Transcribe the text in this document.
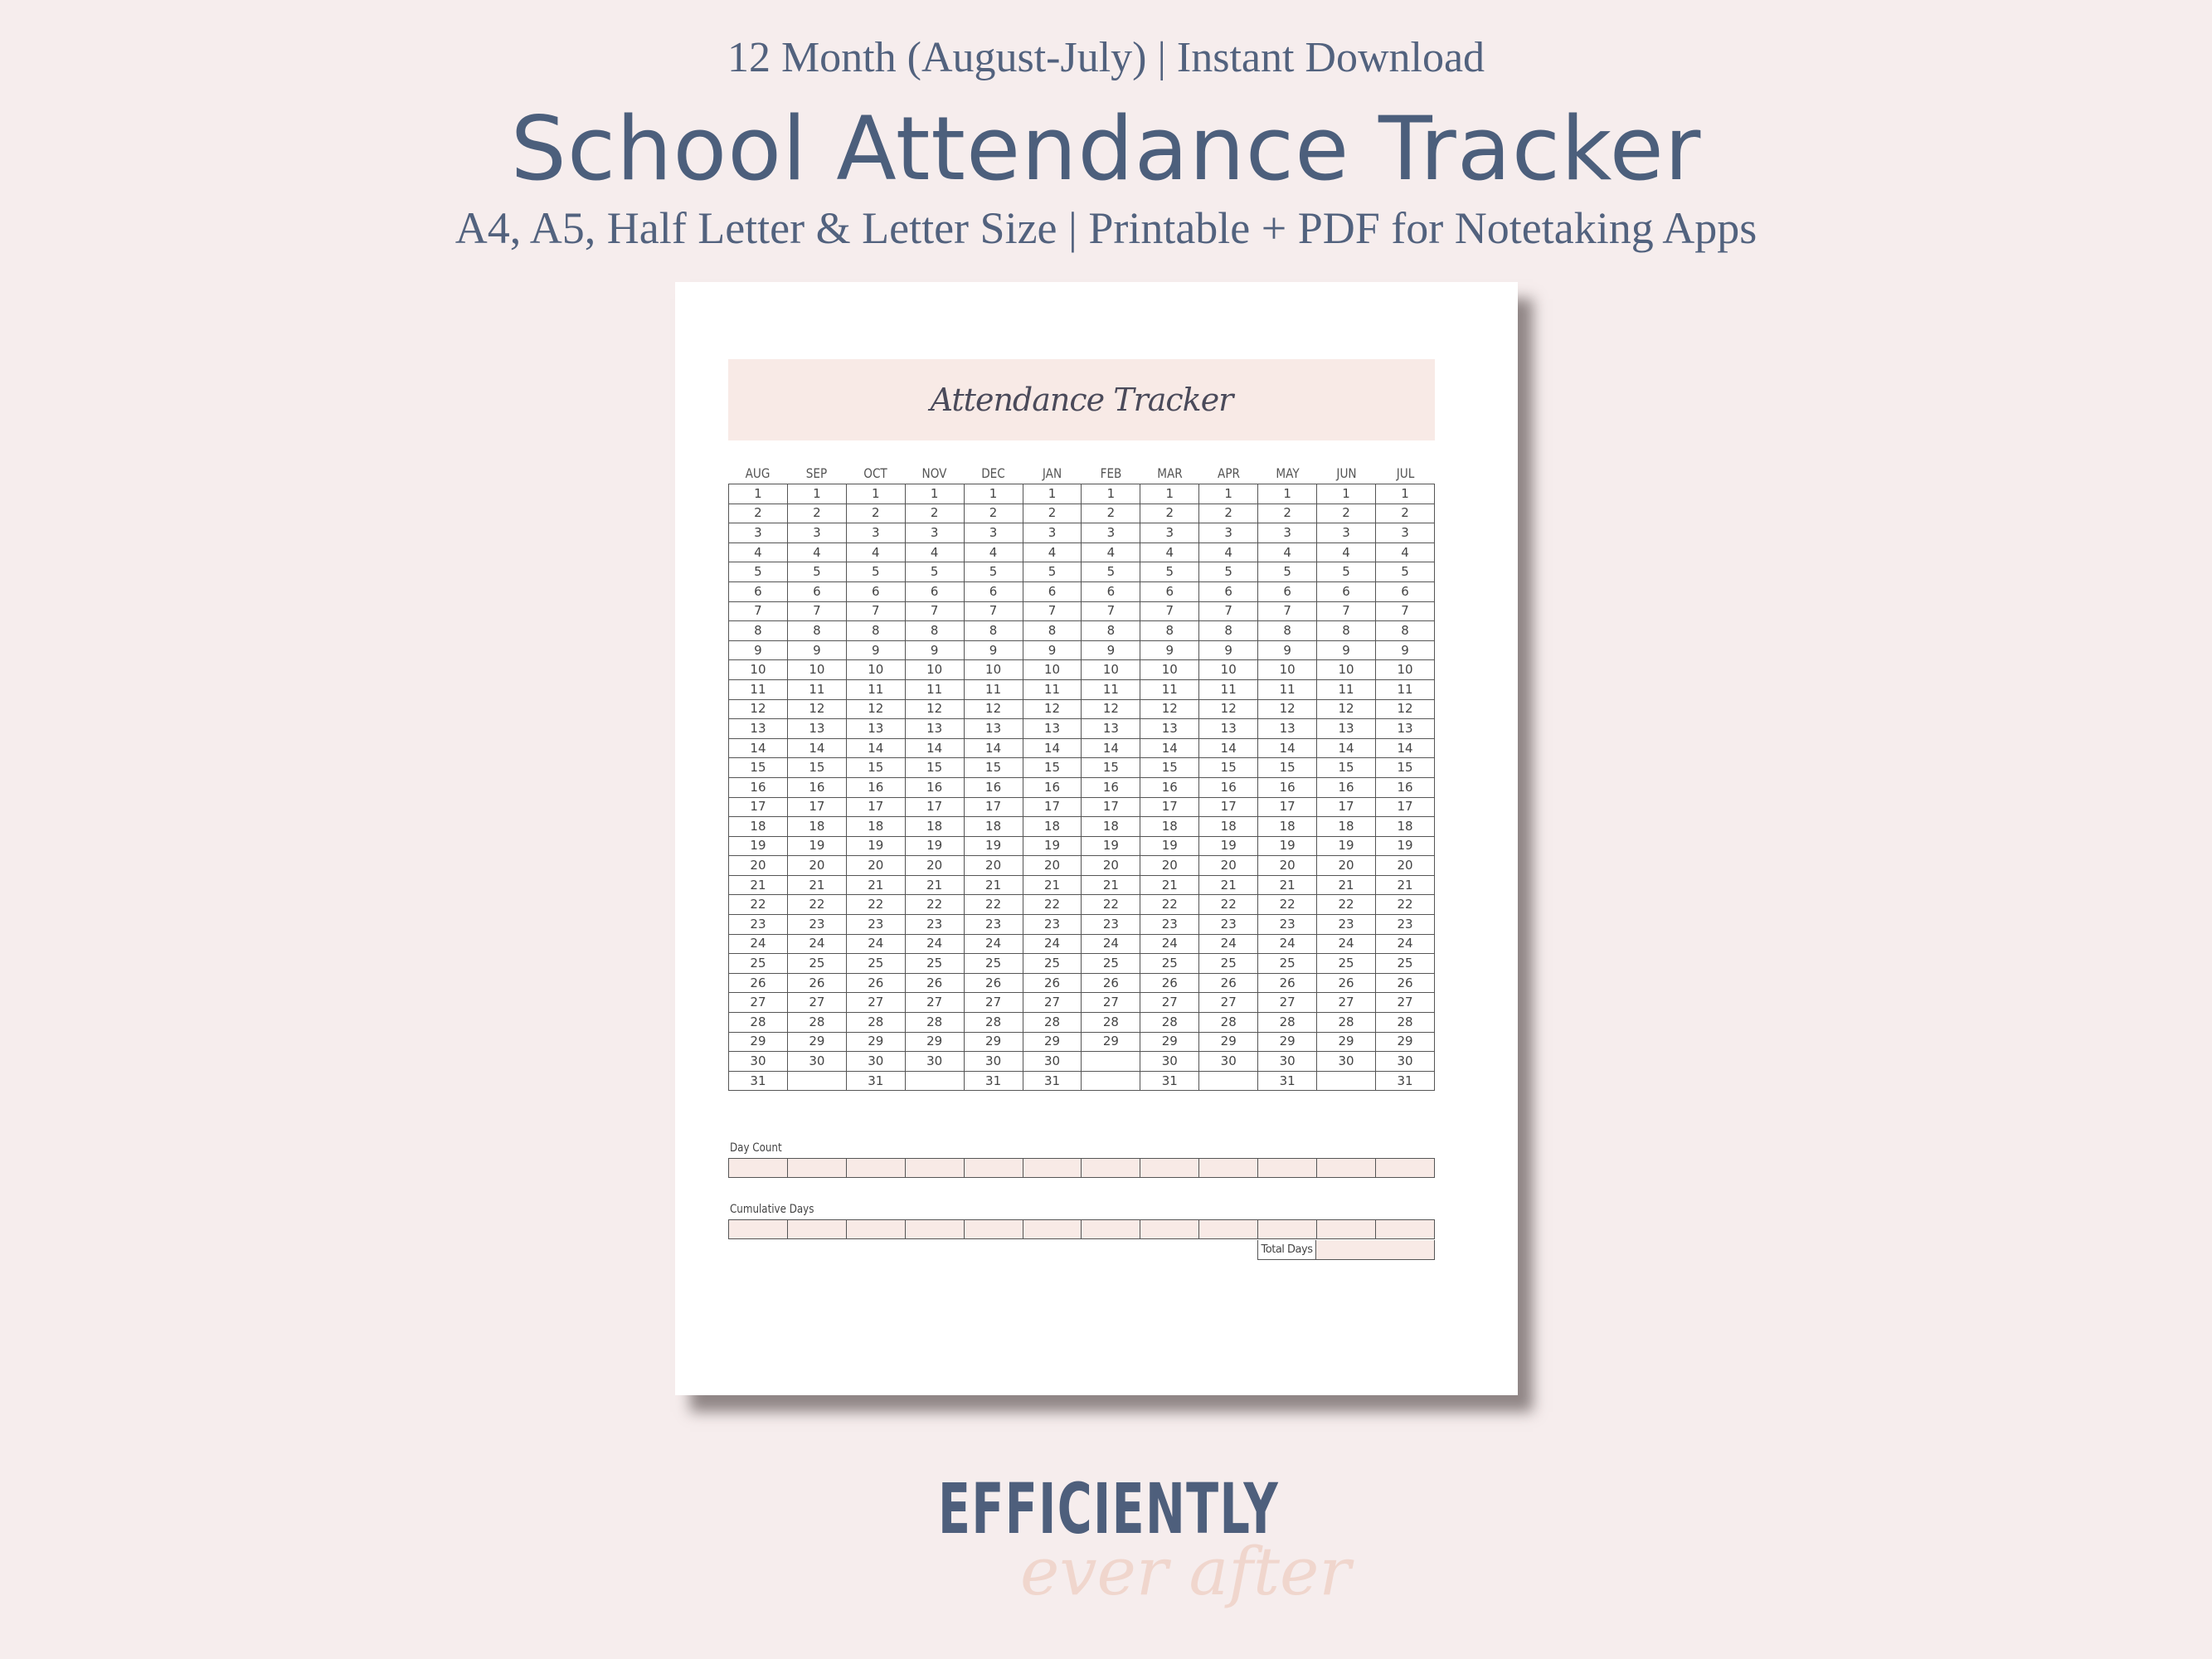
12 Month (August-July) | Instant Download
School Attendance Tracker
A4, A5, Half Letter & Letter Size | Printable + PDF for Notetaking Apps
Attendance Tracker
AUG	SEP	OCT	NOV	DEC	JAN	FEB	MAR	APR	MAY	JUN	JUL
1	1	1	1	1	1	1	1	1	1	1	1
2	2	2	2	2	2	2	2	2	2	2	2
3	3	3	3	3	3	3	3	3	3	3	3
4	4	4	4	4	4	4	4	4	4	4	4
5	5	5	5	5	5	5	5	5	5	5	5
6	6	6	6	6	6	6	6	6	6	6	6
7	7	7	7	7	7	7	7	7	7	7	7
8	8	8	8	8	8	8	8	8	8	8	8
9	9	9	9	9	9	9	9	9	9	9	9
10	10	10	10	10	10	10	10	10	10	10	10
11	11	11	11	11	11	11	11	11	11	11	11
12	12	12	12	12	12	12	12	12	12	12	12
13	13	13	13	13	13	13	13	13	13	13	13
14	14	14	14	14	14	14	14	14	14	14	14
15	15	15	15	15	15	15	15	15	15	15	15
16	16	16	16	16	16	16	16	16	16	16	16
17	17	17	17	17	17	17	17	17	17	17	17
18	18	18	18	18	18	18	18	18	18	18	18
19	19	19	19	19	19	19	19	19	19	19	19
20	20	20	20	20	20	20	20	20	20	20	20
21	21	21	21	21	21	21	21	21	21	21	21
22	22	22	22	22	22	22	22	22	22	22	22
23	23	23	23	23	23	23	23	23	23	23	23
24	24	24	24	24	24	24	24	24	24	24	24
25	25	25	25	25	25	25	25	25	25	25	25
26	26	26	26	26	26	26	26	26	26	26	26
27	27	27	27	27	27	27	27	27	27	27	27
28	28	28	28	28	28	28	28	28	28	28	28
29	29	29	29	29	29	29	29	29	29	29	29
30	30	30	30	30	30		30	30	30	30	30
31		31		31	31		31		31		31
Day Count

Cumulative Days

Total Days
EFFICIENTLY
ever after
